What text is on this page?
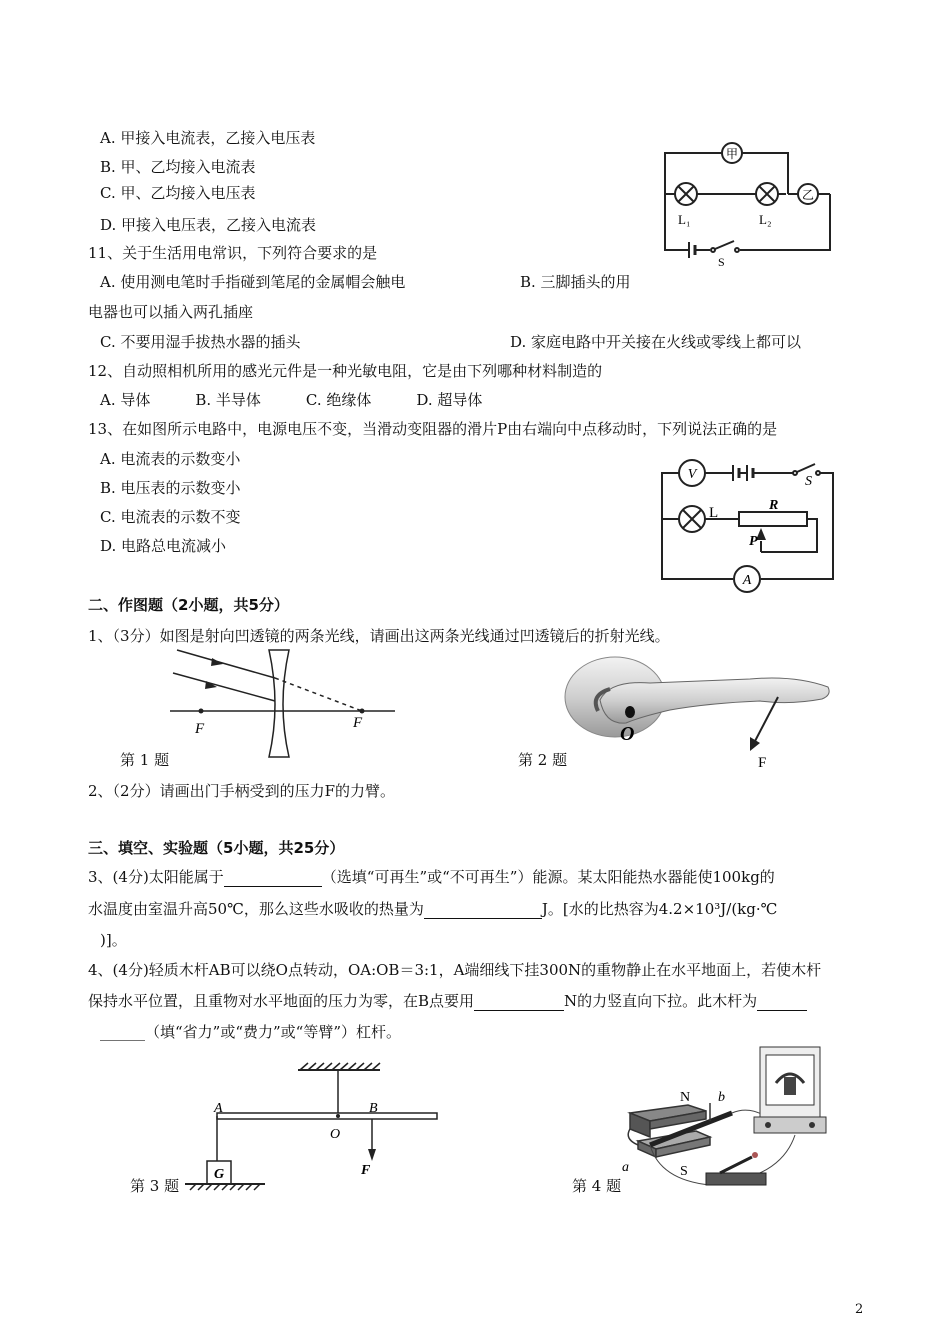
A. 甲接入电流表，乙接入电压表
B. 甲、乙均接入电流表
C. 甲、乙均接入电压表
D. 甲接入电压表，乙接入电流表
甲
乙
L₁	L₂
S
11、关于生活用电常识，下列符合要求的是
A. 使用测电笔时手指碰到笔尾的金属帽会触电	B. 三脚插头的用
电器也可以插入两孔插座
C. 不要用湿手拔热水器的插头	D. 家庭电路中开关接在火线或零线上都可以
12、自动照相机所用的感光元件是一种光敏电阻，它是由下列哪种材料制造的
A. 导体　　　B. 半导体　　　C. 绝缘体　　　D. 超导体
13、在如图所示电路中，电源电压不变，当滑动变阻器的滑片P由右端向中点移动时，下列说法正确的是
A. 电流表的示数变小
B. 电压表的示数变小
C. 电流表的示数不变
D. 电路总电流减小
V
A
L	R
P
S
二、作图题（2小题，共5分）
1、（3分）如图是射向凹透镜的两条光线，请画出这两条光线通过凹透镜后的折射光线。
F	F	O
F
第 1 题	第 2 题
2、（2分）请画出门手柄受到的压力F的力臂。
三、填空、实验题（5小题，共25分）
3、(4分)太阳能属于	（选填“可再生”或“不可再生”）能源。某太阳能热水器能使100kg的
水温度由室温升高50℃，那么这些水吸收的热量为	J。[水的比热容为4.2×10³J/(kg·℃
)]。
4、(4分)轻质木杆AB可以绕O点转动，OA:OB＝3:1，A端细线下挂300N的重物静止在水平地面上，若使木杆
保持水平位置，且重物对水平地面的压力为零，在B点要用	N的力竖直向下拉。此木杆为
______（填“省力”或“费力”或“等臂”）杠杆。
A	B
O
F
G
N
S
a
b
第 3 题	第 4 题
2
